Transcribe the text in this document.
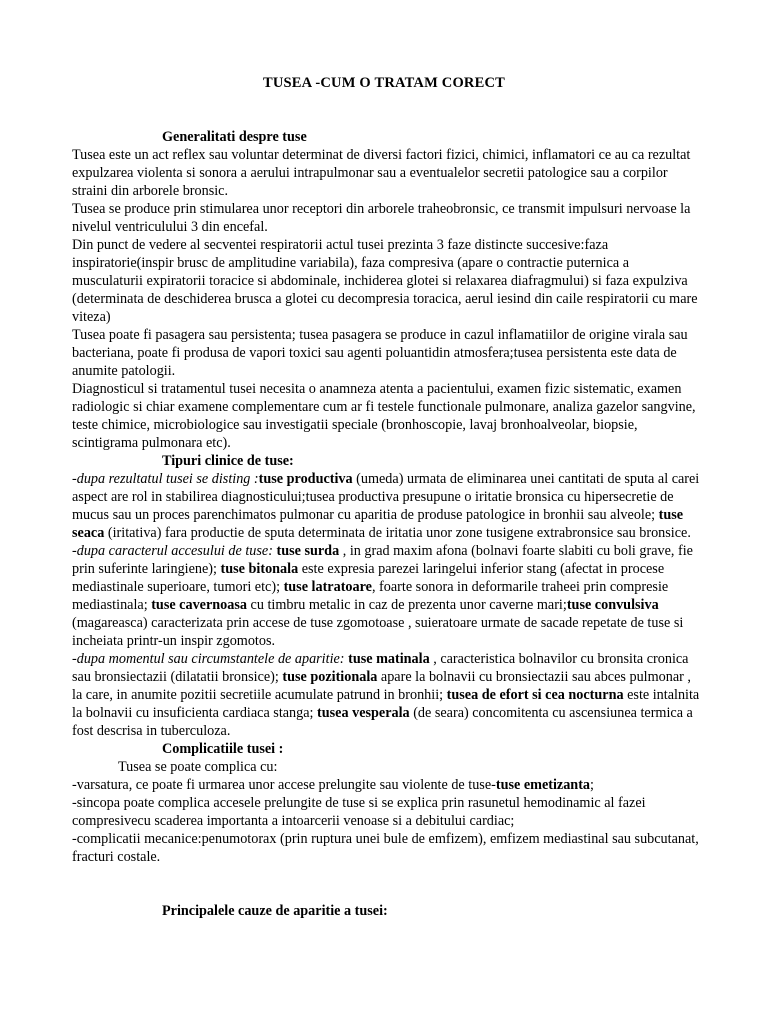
TUSEA -CUM O TRATAM CORECT

Generalitati despre tuse

Tusea este un act reflex sau voluntar determinat de diversi factori fizici, chimici, inflamatori ce au ca rezultat expulzarea violenta si sonora a aerului intrapulmonar sau a eventualelor secretii patologice sau a corpilor straini din arborele bronsic.

Tusea se produce prin stimularea unor receptori din arborele traheobronsic, ce transmit impulsuri nervoase la nivelul ventriculului 3 din encefal.

Din punct de vedere al secventei respiratorii actul tusei prezinta 3 faze distincte succesive:faza inspiratorie(inspir brusc de amplitudine variabila), faza compresiva (apare o contractie puternica a musculaturii expiratorii toracice si abdominale, inchiderea glotei si relaxarea diafragmului) si faza expulziva (determinata de deschiderea brusca a glotei cu decompresia toracica, aerul iesind din caile respiratorii cu mare viteza)

Tusea poate fi pasagera sau persistenta; tusea pasagera se produce in cazul inflamatiilor de origine virala sau bacteriana, poate fi produsa de vapori toxici sau agenti poluantidin atmosfera;tusea persistenta este data de anumite patologii.

Diagnosticul si tratamentul tusei necesita o anamneza atenta a pacientului, examen fizic sistematic, examen radiologic si chiar examene complementare cum ar fi testele functionale pulmonare, analiza gazelor sangvine, teste chimice, microbiologice sau investigatii speciale (bronhoscopie, lavaj bronhoalveolar, biopsie, scintigrama pulmonara etc).

Tipuri clinice de tuse:

-dupa rezultatul tusei se disting :tuse productiva (umeda) urmata de eliminarea unei cantitati de sputa al carei aspect are rol in stabilirea diagnosticului;tusea productiva presupune o iritatie bronsica cu hipersecretie de mucus sau un proces parenchimatos pulmonar cu aparitia de produse patologice in bronhii sau alveole; tuse seaca (iritativa) fara productie de sputa determinata de iritatia unor zone tusigene extrabronsice sau bronsice.

-dupa caracterul accesului de tuse: tuse surda , in grad maxim afona (bolnavi foarte slabiti cu boli grave, fie prin suferinte laringiene); tuse bitonala este expresia parezei laringelui inferior stang (afectat in procese mediastinale superioare, tumori etc); tuse latratoare, foarte sonora in deformarile traheei prin compresie mediastinala; tuse cavernoasa cu timbru metalic in caz de prezenta unor caverne mari;tuse convulsiva (magareasca) caracterizata prin accese de tuse zgomotoase , suieratoare urmate de sacade repetate de tuse si incheiata printr-un inspir zgomotos.

-dupa momentul sau circumstantele de aparitie: tuse matinala , caracteristica bolnavilor cu bronsita cronica sau bronsiectazii (dilatatii bronsice); tuse pozitionala apare la bolnavii cu bronsiectazii sau abces pulmonar , la care, in anumite pozitii secretiile acumulate patrund in bronhii; tusea de efort si cea nocturna este intalnita la bolnavii cu insuficienta cardiaca stanga; tusea vesperala (de seara) concomitenta cu ascensiunea termica a fost descrisa in tuberculoza.

Complicatiile tusei :

Tusea se poate complica cu:

-varsatura, ce poate fi urmarea unor accese prelungite sau violente de tuse-tuse emetizanta;

-sincopa poate complica accesele prelungite de tuse si se explica prin rasunetul hemodinamic al fazei compresivecu scaderea importanta a intoarcerii venoase si a debitului cardiac;

-complicatii mecanice:penumotorax (prin ruptura unei bule de emfizem), emfizem mediastinal sau subcutanat, fracturi costale.

Principalele cauze de aparitie a tusei:
